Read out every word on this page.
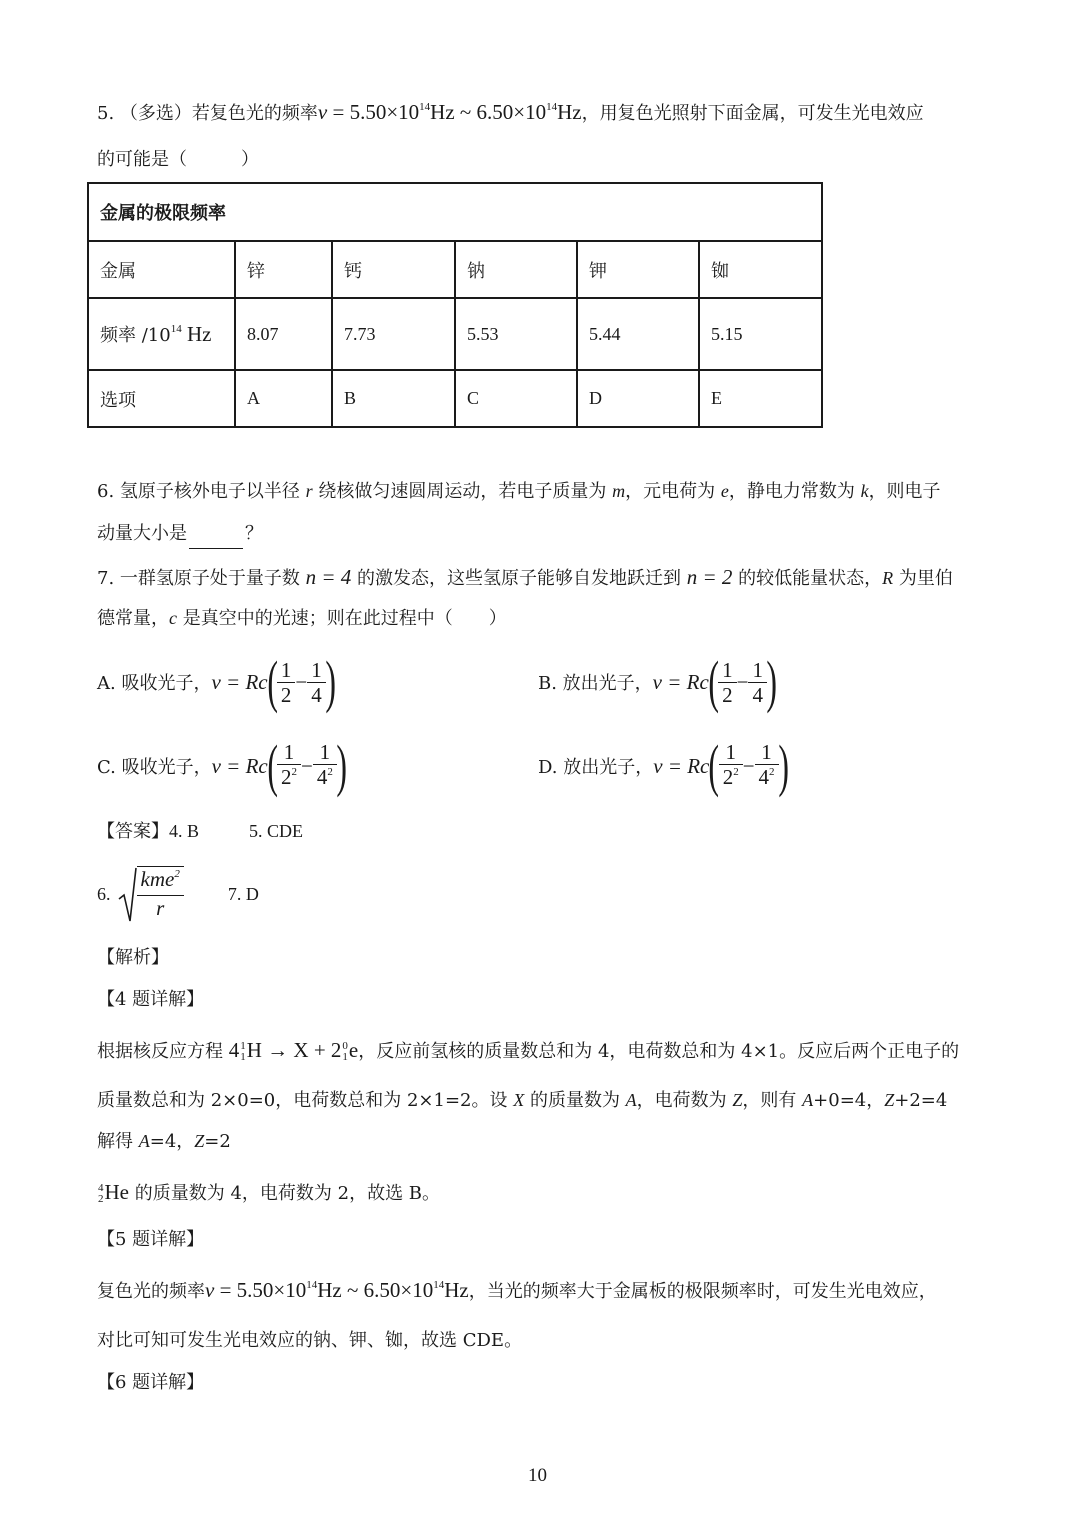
5. （多选）若复色光的频率$\nu = 5.50\times 10^{14}Hz$ ~ $6.50\times 10^{14}Hz$，用复色光照射下面金属，可发生光电效应
的可能是（　　　）
金属的极限频率					
金属	锌	钙	钠	钾	铷
频率 $/10^{14}$ Hz	8.07	7.73	5.53	5.44	5.15
选项	A	B	C	D	E
6. 氢原子核外电子以半径 r 绕核做匀速圆周运动，若电子质量为 m，元电荷为 e，静电力常数为 k，则电子
动量大小是	？
7. 一群氢原子处于量子数 n = 4 的激发态，这些氢原子能够自发地跃迁到 n = 2 的较低能量状态，R 为里伯
德常量，c 是真空中的光速；则在此过程中（　　）
A. 吸收光子， ν = Rc ( $\frac{1}{2} - \frac{1}{4}$ )	B. 放出光子， ν = Rc ( $\frac{1}{2} - \frac{1}{4}$ )
C. 吸收光子， ν = Rc ( $\frac{1}{2^2} - \frac{1}{4^2}$ )	D. 放出光子， ν = Rc ( $\frac{1}{2^2} - \frac{1}{4^2}$ )
【答案】4. B	5. CDE
6. $\frac{kme^2}{r} 7$. D
【解析】
【4 题详解】
根据核反应方程 4 1
1 H → X + 2 0
1 e，反应前氢核的质量数总和为 4，电荷数总和为 4×1。反应后两个正电子的
质量数总和为 2×0=0，电荷数总和为 2×1=2。设 X 的质量数为 A，电荷数为 Z，则有 A+0=4，Z+2=4
解得 A=4，Z=2
4
2 He 的质量数为 4，电荷数为 2，故选 B。
【5 题详解】
复色光的频率$\nu = 5.50\times 10^{14}Hz$ ~ $6.50\times 10^{14}Hz$，当光的频率大于金属板的极限频率时，可发生光电效应，
对比可知可发生光电效应的钠、钾、铷，故选 CDE。
【6 题详解】
10
